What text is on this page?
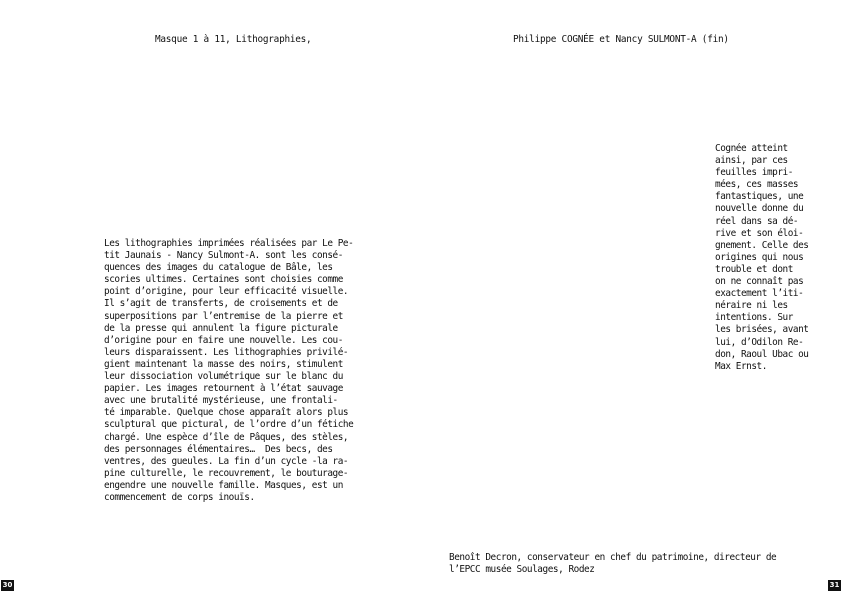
Masque 1 à 11, Lithographies,
Les lithographies imprimées réalisées par Le Pe-
tit Jaunais - Nancy Sulmont-A. sont les consé-
quences des images du catalogue de Bâle, les
scories ultimes. Certaines sont choisies comme
point d’origine, pour leur efficacité visuelle.
Il s’agit de transferts, de croisements et de
superpositions par l’entremise de la pierre et
de la presse qui annulent la figure picturale
d’origine pour en faire une nouvelle. Les cou-
leurs disparaissent. Les lithographies privilé-
gient maintenant la masse des noirs, stimulent
leur dissociation volumétrique sur le blanc du
papier. Les images retournent à l’état sauvage
avec une brutalité mystérieuse, une frontali-
té imparable. Quelque chose apparaît alors plus
sculptural que pictural, de l’ordre d’un fétiche
chargé. Une espèce d’île de Pâques, des stèles,
des personnages élémentaires…  Des becs, des
ventres, des gueules. La fin d’un cycle -la ra-
pine culturelle, le recouvrement, le bouturage-
engendre une nouvelle famille. Masques, est un
commencement de corps inouïs.
30
Philippe COGNÉE et Nancy SULMONT-A (fin)
Cognée atteint
ainsi, par ces
feuilles impri-
mées, ces masses
fantastiques, une
nouvelle donne du
réel dans sa dé-
rive et son éloi-
gnement. Celle des
origines qui nous
trouble et dont
on ne connaît pas
exactement l’iti-
néraire ni les
intentions. Sur
les brisées, avant
lui, d’Odilon Re-
don, Raoul Ubac ou
Max Ernst.
Benoît Decron, conservateur en chef du patrimoine, directeur de
l’EPCC musée Soulages, Rodez
31
